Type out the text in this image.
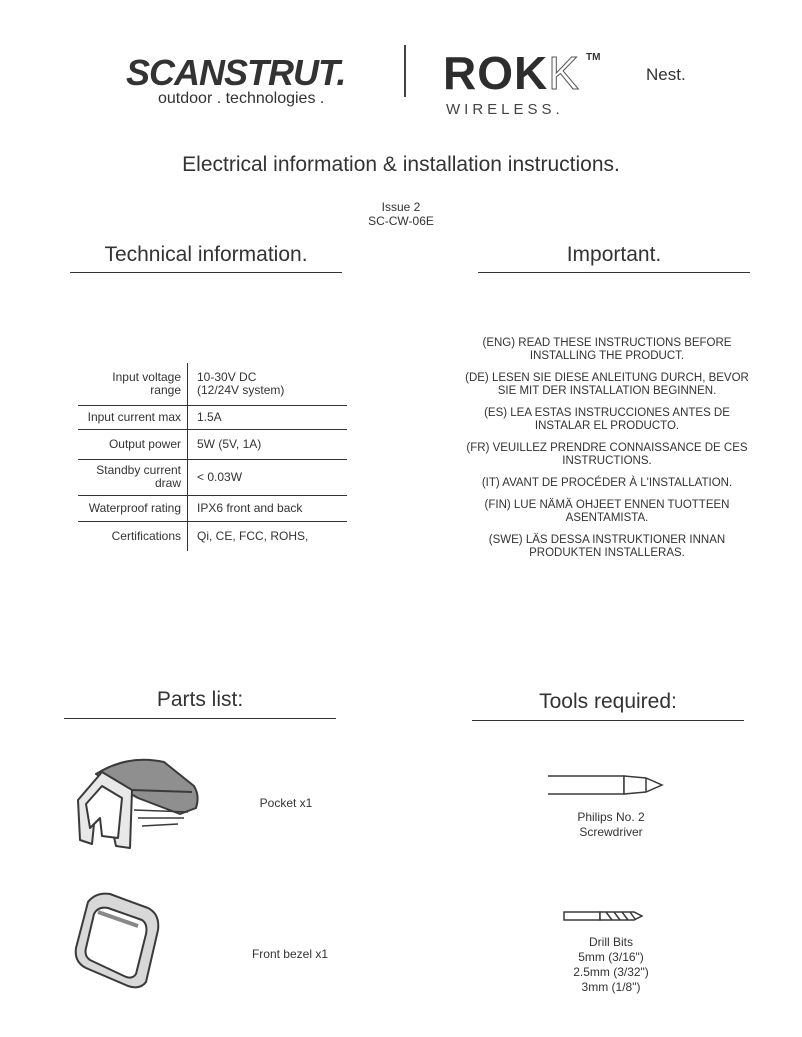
SCANSTRUT.
outdoor . technologies .	ROKK TM
WIRELESS.
Nest.
Electrical information & installation instructions.
Issue 2
SC-CW-06E
Technical information.
Input voltage
range	10-30V DC
(12/24V system)

Input current max	1.5A

Output power	5W (5V, 1A)

Standby current
draw	< 0.03W

Waterproof rating	IPX6 front and back

Certifications	Qi, CE, FCC, ROHS,
Important.
(ENG) READ THESE INSTRUCTIONS BEFORE
INSTALLING THE PRODUCT.
(DE) LESEN SIE DIESE ANLEITUNG DURCH, BEVOR
SIE MIT DER INSTALLATION BEGINNEN.
(ES) LEA ESTAS INSTRUCCIONES ANTES DE
INSTALAR EL PRODUCTO.
(FR) VEUILLEZ PRENDRE CONNAISSANCE DE CES
INSTRUCTIONS.
(IT) AVANT DE PROCÉDER À L'INSTALLATION.
(FIN) LUE NÄMÄ OHJEET ENNEN TUOTTEEN
ASENTAMISTA.
(SWE) LÄS DESSA INSTRUKTIONER INNAN
PRODUKTEN INSTALLERAS.
Parts list:
Pocket x1
Front bezel x1
Tools required:
Philips No. 2
Screwdriver
Drill Bits
5mm (3/16")
2.5mm (3/32")
3mm (1/8")
